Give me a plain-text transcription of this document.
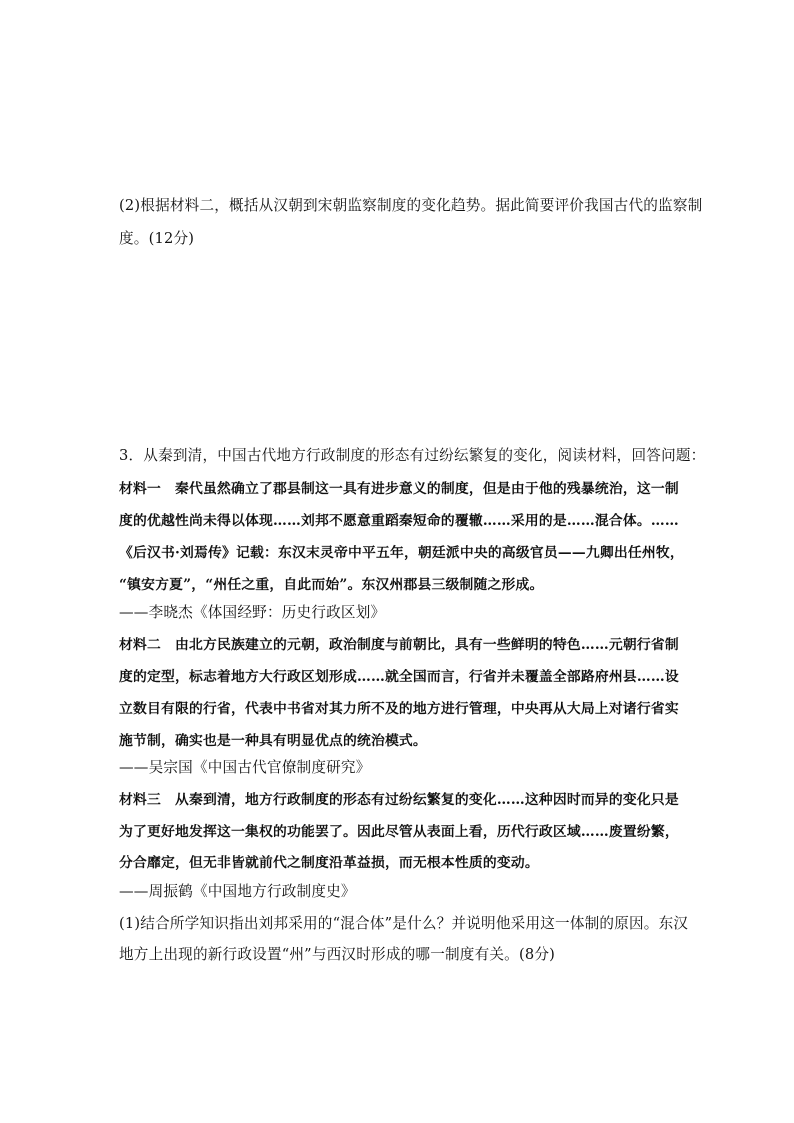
(2)根据材料二，概括从汉朝到宋朝监察制度的变化趋势。据此简要评价我国古代的监察制
度。(12分)
3．从秦到清，中国古代地方行政制度的形态有过纷纭繁复的变化，阅读材料，回答问题：
材料一　秦代虽然确立了郡县制这一具有进步意义的制度，但是由于他的残暴统治，这一制
度的优越性尚未得以体现……刘邦不愿意重蹈秦短命的覆辙……采用的是……混合体。……
《后汉书·刘焉传》记载：东汉末灵帝中平五年，朝廷派中央的高级官员——九卿出任州牧，
“镇安方夏”，“州任之重，自此而始”。东汉州郡县三级制随之形成。
——李晓杰《体国经野：历史行政区划》
材料二　由北方民族建立的元朝，政治制度与前朝比，具有一些鲜明的特色……元朝行省制
度的定型，标志着地方大行政区划形成……就全国而言，行省并未覆盖全部路府州县……设
立数目有限的行省，代表中书省对其力所不及的地方进行管理，中央再从大局上对诸行省实
施节制，确实也是一种具有明显优点的统治模式。
——吴宗国《中国古代官僚制度研究》
材料三　从秦到清，地方行政制度的形态有过纷纭繁复的变化……这种因时而异的变化只是
为了更好地发挥这一集权的功能罢了。因此尽管从表面上看，历代行政区域……废置纷繁，
分合靡定，但无非皆就前代之制度沿革益损，而无根本性质的变动。
——周振鹤《中国地方行政制度史》
(1)结合所学知识指出刘邦采用的“混合体”是什么？并说明他采用这一体制的原因。东汉
地方上出现的新行政设置“州”与西汉时形成的哪一制度有关。(8分)
